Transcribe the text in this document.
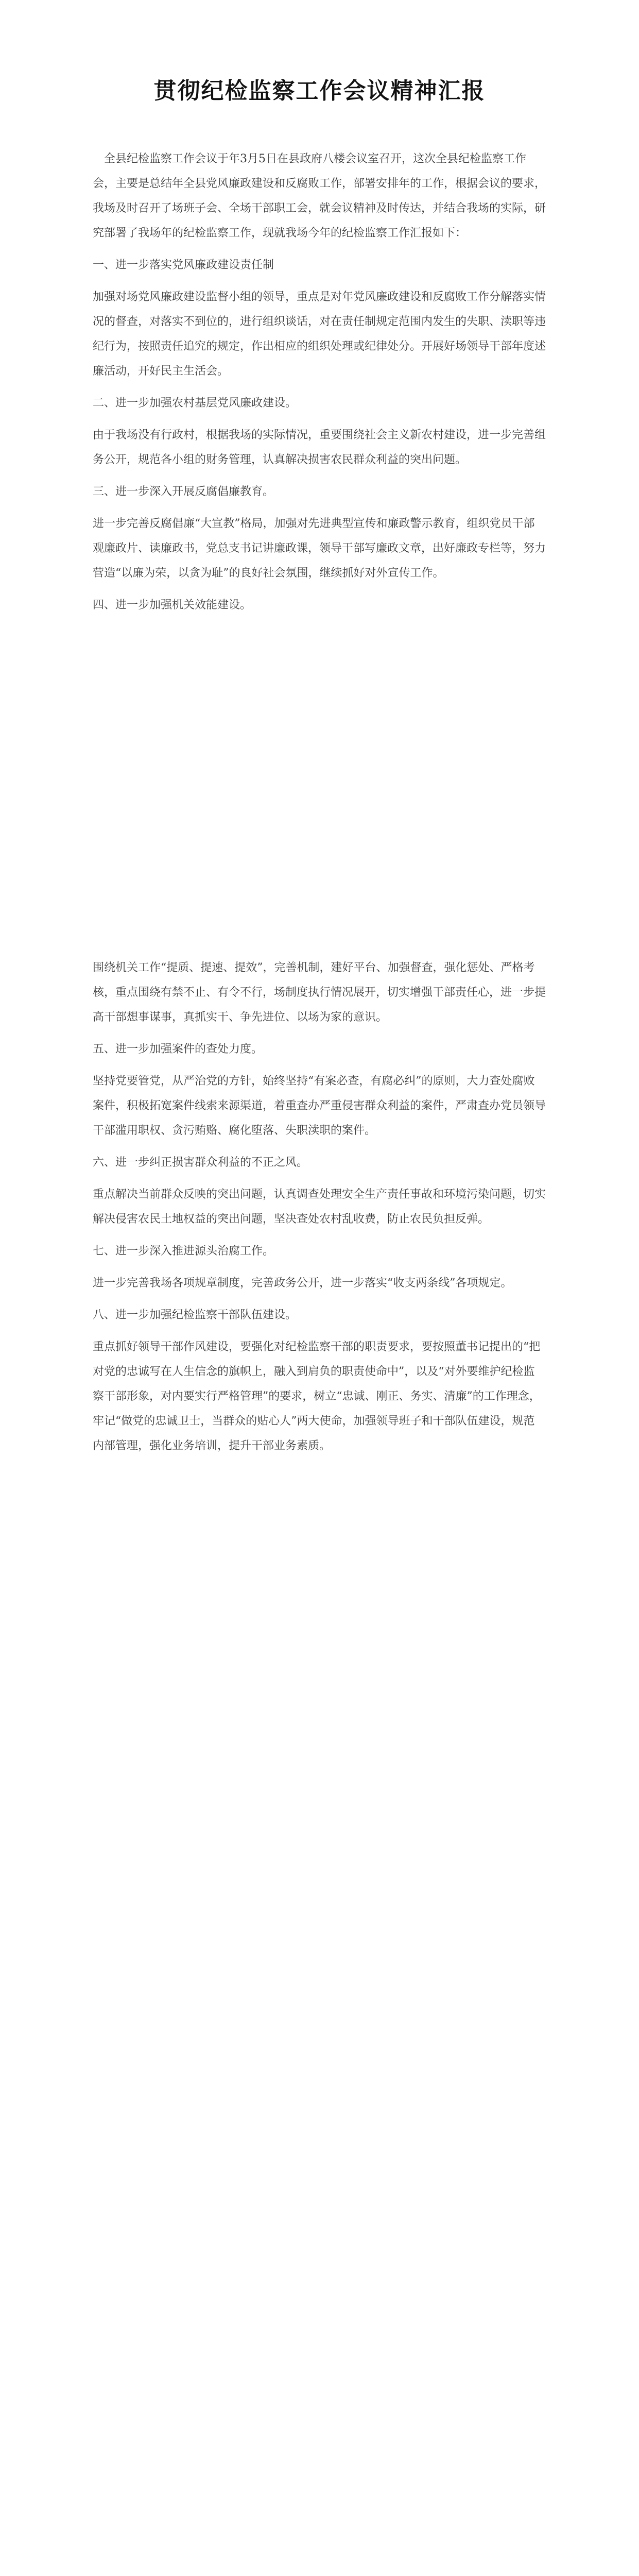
贯彻纪检监察工作会议精神汇报

全县纪检监察工作会议于年3月5日在县政府八楼会议室召开，这次全县纪检监察工作会，主要是总结年全县党风廉政建设和反腐败工作，部署安排年的工作，根据会议的要求，我场及时召开了场班子会、全场干部职工会，就会议精神及时传达，并结合我场的实际，研究部署了我场年的纪检监察工作，现就我场今年的纪检监察工作汇报如下：

一、进一步落实党风廉政建设责任制

加强对场党风廉政建设监督小组的领导，重点是对年党风廉政建设和反腐败工作分解落实情况的督查，对落实不到位的，进行组织谈话，对在责任制规定范围内发生的失职、渎职等违纪行为，按照责任追究的规定，作出相应的组织处理或纪律处分。开展好场领导干部年度述廉活动，开好民主生活会。

二、进一步加强农村基层党风廉政建设。

由于我场没有行政村，根据我场的实际情况，重要围绕社会主义新农村建设，进一步完善组务公开，规范各小组的财务管理，认真解决损害农民群众利益的突出问题。

三、进一步深入开展反腐倡廉教育。

进一步完善反腐倡廉“大宣教”格局，加强对先进典型宣传和廉政警示教育，组织党员干部观廉政片、读廉政书，党总支书记讲廉政课，领导干部写廉政文章，出好廉政专栏等，努力营造“以廉为荣，以贪为耻”的良好社会氛围，继续抓好对外宣传工作。

四、进一步加强机关效能建设。

围绕机关工作“提质、提速、提效”，完善机制，建好平台、加强督查，强化惩处、严格考核，重点围绕有禁不止、有令不行，场制度执行情况展开，切实增强干部责任心，进一步提高干部想事谋事，真抓实干、争先进位、以场为家的意识。

五、进一步加强案件的查处力度。

坚持党要管党，从严治党的方针，始终坚持“有案必查，有腐必纠”的原则，大力查处腐败案件，积极拓宽案件线索来源渠道，着重查办严重侵害群众利益的案件，严肃查办党员领导干部滥用职权、贪污贿赂、腐化堕落、失职渎职的案件。

六、进一步纠正损害群众利益的不正之风。

重点解决当前群众反映的突出问题，认真调查处理安全生产责任事故和环境污染问题，切实解决侵害农民土地权益的突出问题，坚决查处农村乱收费，防止农民负担反弹。

七、进一步深入推进源头治腐工作。

进一步完善我场各项规章制度，完善政务公开，进一步落实“收支两条线”各项规定。

八、进一步加强纪检监察干部队伍建设。

重点抓好领导干部作风建设，要强化对纪检监察干部的职责要求，要按照董书记提出的“把对党的忠诚写在人生信念的旗帜上，融入到肩负的职责使命中”，以及“对外要维护纪检监察干部形象，对内要实行严格管理”的要求，树立“忠诚、刚正、务实、清廉”的工作理念，牢记“做党的忠诚卫士，当群众的贴心人”两大使命，加强领导班子和干部队伍建设，规范内部管理，强化业务培训，提升干部业务素质。
